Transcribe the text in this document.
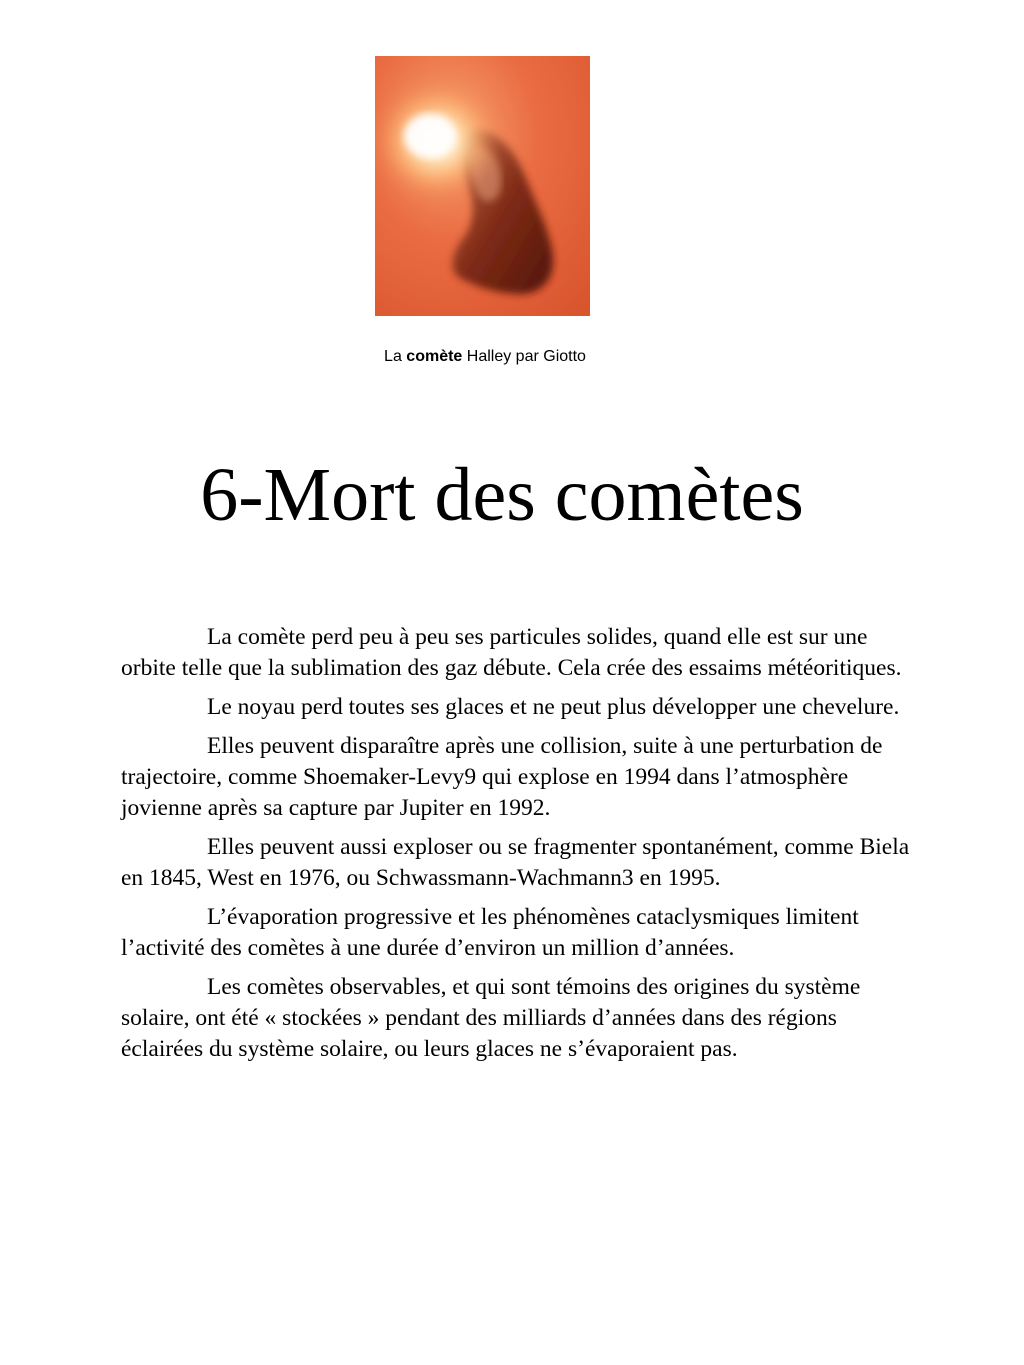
La comète Halley par Giotto
6-Mort des comètes

La comète perd peu à peu ses particules solides, quand elle est sur une orbite telle que la sublimation des gaz débute. Cela crée des essaims météoritiques.

Le noyau perd toutes ses glaces et ne peut plus développer une chevelure.

Elles peuvent disparaître après une collision, suite à une perturbation de trajectoire, comme Shoemaker-Levy9 qui explose en 1994 dans l’atmosphère jovienne après sa capture par Jupiter en 1992.

Elles peuvent aussi exploser ou se fragmenter spontanément, comme Biela en 1845, West en 1976, ou Schwassmann-Wachmann3 en 1995.

L’évaporation progressive et les phénomènes cataclysmiques limitent l’activité des comètes à une durée d’environ un million d’années.

Les comètes observables, et qui sont témoins des origines du système solaire, ont été « stockées » pendant des milliards d’années dans des régions éclairées du système solaire, ou leurs glaces ne s’évaporaient pas.
